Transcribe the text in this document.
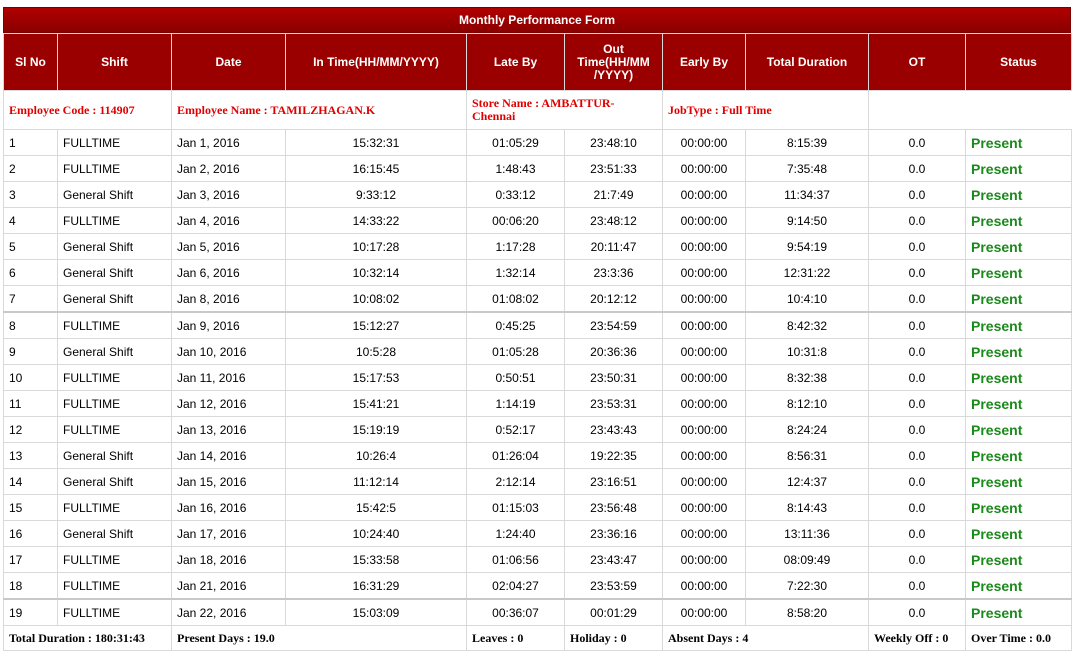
Monthly Performance Form
Sl No	Shift	Date	In Time(HH/MM/YYYY)	Late By	Out Time(HH/MM /YYYY)	Early By	Total Duration	OT	Status
Employee Code : 114907		Employee Name : TAMILZHAGAN.K		Store Name : AMBATTUR-Chennai		JobType : Full Time			
1	FULLTIME	Jan 1, 2016	15:32:31	01:05:29	23:48:10	00:00:00	8:15:39	0.0	Present
2	FULLTIME	Jan 2, 2016	16:15:45	1:48:43	23:51:33	00:00:00	7:35:48	0.0	Present
3	General Shift	Jan 3, 2016	9:33:12	0:33:12	21:7:49	00:00:00	11:34:37	0.0	Present
4	FULLTIME	Jan 4, 2016	14:33:22	00:06:20	23:48:12	00:00:00	9:14:50	0.0	Present
5	General Shift	Jan 5, 2016	10:17:28	1:17:28	20:11:47	00:00:00	9:54:19	0.0	Present
6	General Shift	Jan 6, 2016	10:32:14	1:32:14	23:3:36	00:00:00	12:31:22	0.0	Present
7	General Shift	Jan 8, 2016	10:08:02	01:08:02	20:12:12	00:00:00	10:4:10	0.0	Present
8	FULLTIME	Jan 9, 2016	15:12:27	0:45:25	23:54:59	00:00:00	8:42:32	0.0	Present
9	General Shift	Jan 10, 2016	10:5:28	01:05:28	20:36:36	00:00:00	10:31:8	0.0	Present
10	FULLTIME	Jan 11, 2016	15:17:53	0:50:51	23:50:31	00:00:00	8:32:38	0.0	Present
11	FULLTIME	Jan 12, 2016	15:41:21	1:14:19	23:53:31	00:00:00	8:12:10	0.0	Present
12	FULLTIME	Jan 13, 2016	15:19:19	0:52:17	23:43:43	00:00:00	8:24:24	0.0	Present
13	General Shift	Jan 14, 2016	10:26:4	01:26:04	19:22:35	00:00:00	8:56:31	0.0	Present
14	General Shift	Jan 15, 2016	11:12:14	2:12:14	23:16:51	00:00:00	12:4:37	0.0	Present
15	FULLTIME	Jan 16, 2016	15:42:5	01:15:03	23:56:48	00:00:00	8:14:43	0.0	Present
16	General Shift	Jan 17, 2016	10:24:40	1:24:40	23:36:16	00:00:00	13:11:36	0.0	Present
17	FULLTIME	Jan 18, 2016	15:33:58	01:06:56	23:43:47	00:00:00	08:09:49	0.0	Present
18	FULLTIME	Jan 21, 2016	16:31:29	02:04:27	23:53:59	00:00:00	7:22:30	0.0	Present
19	FULLTIME	Jan 22, 2016	15:03:09	00:36:07	00:01:29	00:00:00	8:58:20	0.0	Present
Total Duration : 180:31:43		Present Days : 19.0		Leaves : 0	Holiday : 0	Absent Days : 4		Weekly Off : 0	Over Time : 0.0
